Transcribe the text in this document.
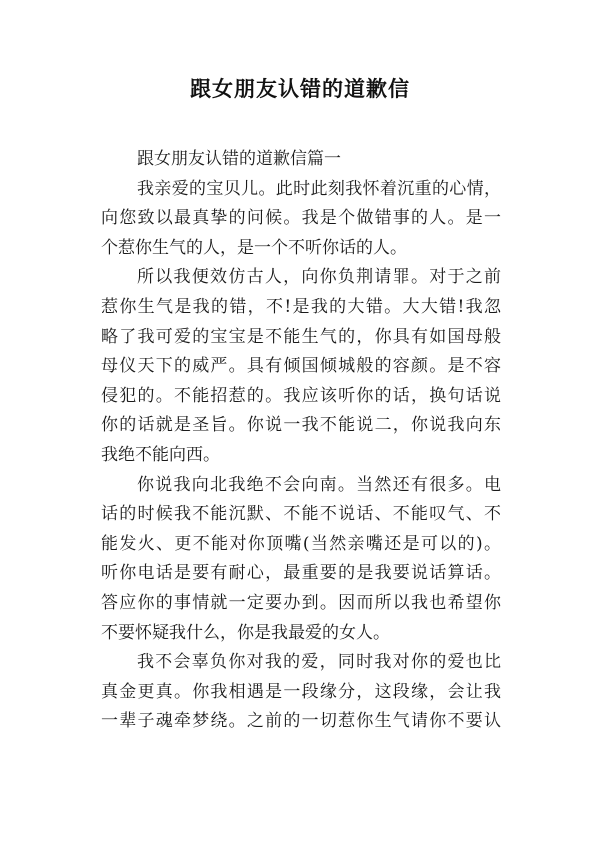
跟女朋友认错的道歉信
跟女朋友认错的道歉信篇一
我亲爱的宝贝儿。此时此刻我怀着沉重的心情，
向您致以最真挚的问候。我是个做错事的人。是一
个惹你生气的人，是一个不听你话的人。
所以我便效仿古人，向你负荆请罪。对于之前
惹你生气是我的错，不!是我的大错。大大错!我忽
略了我可爱的宝宝是不能生气的，你具有如国母般
母仪天下的威严。具有倾国倾城般的容颜。是不容
侵犯的。不能招惹的。我应该听你的话，换句话说
你的话就是圣旨。你说一我不能说二，你说我向东
我绝不能向西。
你说我向北我绝不会向南。当然还有很多。电
话的时候我不能沉默、不能不说话、不能叹气、不
能发火、更不能对你顶嘴(当然亲嘴还是可以的)。
听你电话是要有耐心，最重要的是我要说话算话。
答应你的事情就一定要办到。因而所以我也希望你
不要怀疑我什么，你是我最爱的女人。
我不会辜负你对我的爱，同时我对你的爱也比
真金更真。你我相遇是一段缘分，这段缘，会让我
一辈子魂牵梦绕。之前的一切惹你生气请你不要认
